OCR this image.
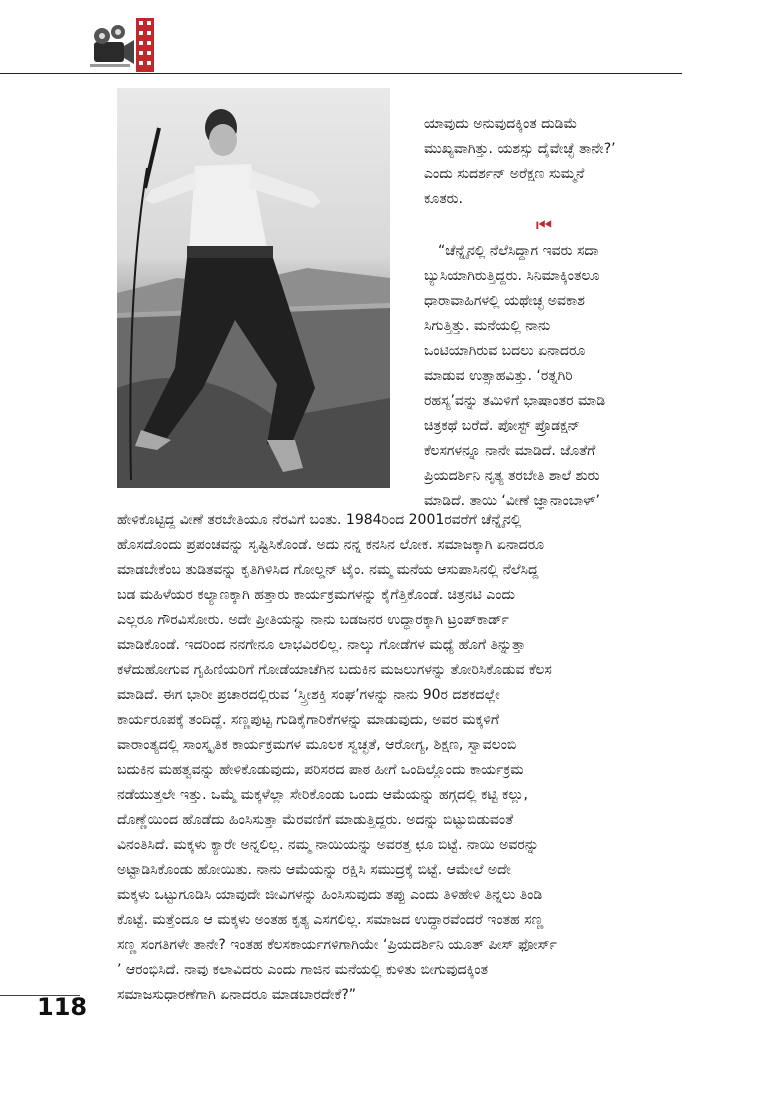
ಯಾವುದು ಅನುವುದಕ್ಕಿಂತ ದುಡಿಮೆ
ಮುಖ್ಯವಾಗಿತ್ತು. ಯಶಸ್ಸು ದೈವೇಚ್ಛೆ ತಾನೇ?’
ಎಂದು ಸುದರ್ಶನ್ ಅರೆಕ್ಷಣ ಸುಮ್ಮನೆ
ಕೂತರು.
⏮
“ಚೆನ್ನೈನಲ್ಲಿ ನೆಲೆಸಿದ್ದಾಗ ಇವರು ಸದಾ
ಬ್ಯುಸಿಯಾಗಿರುತ್ತಿದ್ದರು. ಸಿನಿಮಾಕ್ಕಿಂತಲೂ
ಧಾರಾವಾಹಿಗಳಲ್ಲಿ ಯಥೇಚ್ಛ ಅವಕಾಶ
ಸಿಗುತ್ತಿತ್ತು. ಮನೆಯಲ್ಲಿ ನಾನು
ಒಂಟಿಯಾಗಿರುವ ಬದಲು ಏನಾದರೂ
ಮಾಡುವ ಉತ್ಸಾಹವಿತ್ತು. ‘ರತ್ನಗಿರಿ
ರಹಸ್ಯ’ವನ್ನು ತಮಿಳಿಗೆ ಭಾಷಾಂತರ ಮಾಡಿ
ಚಿತ್ರಕಥೆ ಬರೆದೆ. ಪೋಸ್ಟ್ ಪ್ರೊಡಕ್ಷನ್
ಕೆಲಸಗಳನ್ನೂ ನಾನೇ ಮಾಡಿದೆ. ಜೊತೆಗೆ
ಪ್ರಿಯದರ್ಶಿನಿ ನೃತ್ಯ ತರಬೇತಿ ಶಾಲೆ ಶುರು
ಮಾಡಿದೆ. ತಾಯಿ ‘ವೀಣೆ ಜ್ಞಾನಾಂಬಾಳ್’
ಹೇಳಿಕೊಟ್ಟಿದ್ದ ವೀಣೆ ತರಬೇತಿಯೂ ನೆರವಿಗೆ ಬಂತು. 1984ರಿಂದ 2001ರವರೆಗೆ ಚೆನ್ನೈನಲ್ಲಿ
ಹೊಸದೊಂದು ಪ್ರಪಂಚವನ್ನು ಸೃಷ್ಟಿಸಿಕೊಂಡೆ. ಅದು ನನ್ನ ಕನಸಿನ ಲೋಕ. ಸಮಾಜಕ್ಕಾಗಿ ಏನಾದರೂ
ಮಾಡಬೇಕೆಂಬ ತುಡಿತವನ್ನು ಕೃತಿಗಿಳಿಸಿದ ಗೋಲ್ಡನ್ ಟೈಂ. ನಮ್ಮ ಮನೆಯ ಆಸುಪಾಸಿನಲ್ಲಿ ನೆಲೆಸಿದ್ದ
ಬಡ ಮಹಿಳೆಯರ ಕಲ್ಯಾಣಕ್ಕಾಗಿ ಹತ್ತಾರು ಕಾರ್ಯಕ್ರಮಗಳನ್ನು ಕೈಗೆತ್ತಿಕೊಂಡೆ. ಚಿತ್ರನಟಿ ಎಂದು
ಎಲ್ಲರೂ ಗೌರವಿಸೋರು. ಅದೇ ಪ್ರೀತಿಯನ್ನು ನಾನು ಬಡಜನರ ಉದ್ಧಾರಕ್ಕಾಗಿ ಟ್ರಂಪ್‌ಕಾರ್ಡ್
ಮಾಡಿಕೊಂಡೆ. ಇದರಿಂದ ನನಗೇನೂ ಲಾಭವಿರಲಿಲ್ಲ. ನಾಲ್ಕು ಗೋಡೆಗಳ ಮಧ್ಯೆ ಹೊಗೆ ತಿನ್ನುತ್ತಾ
ಕಳೆದುಹೋಗುವ ಗೃಹಿಣಿಯರಿಗೆ ಗೋಡೆಯಾಚೆಗಿನ ಬದುಕಿನ ಮಜಲುಗಳನ್ನು ತೋರಿಸಿಕೊಡುವ ಕೆಲಸ
ಮಾಡಿದೆ. ಈಗ ಭಾರೀ ಪ್ರಚಾರದಲ್ಲಿರುವ ‘ಸ್ತ್ರೀಶಕ್ತಿ ಸಂಘ’ಗಳನ್ನು ನಾನು 90ರ ದಶಕದಲ್ಲೇ
ಕಾರ್ಯರೂಪಕ್ಕೆ ತಂದಿದ್ದೆ. ಸಣ್ಣಪುಟ್ಟ ಗುಡಿಕೈಗಾರಿಕೆಗಳನ್ನು ಮಾಡುವುದು, ಅವರ ಮಕ್ಕಳಿಗೆ
ವಾರಾಂತ್ಯದಲ್ಲಿ ಸಾಂಸ್ಕೃತಿಕ ಕಾರ್ಯಕ್ರಮಗಳ ಮೂಲಕ ಸ್ವಚ್ಛತೆ, ಆರೋಗ್ಯ, ಶಿಕ್ಷಣ, ಸ್ವಾವಲಂಬಿ
ಬದುಕಿನ ಮಹತ್ವವನ್ನು ಹೇಳಿಕೊಡುವುದು, ಪರಿಸರದ ಪಾಠ ಹೀಗೆ ಒಂದಿಲ್ಲೊಂದು ಕಾರ್ಯಕ್ರಮ
ನಡೆಯುತ್ತಲೇ ಇತ್ತು. ಒಮ್ಮೆ ಮಕ್ಕಳೆಲ್ಲಾ ಸೇರಿಕೊಂಡು ಒಂದು ಆಮೆಯನ್ನು ಹಗ್ಗದಲ್ಲಿ ಕಟ್ಟಿ ಕಲ್ಲು,
ದೊಣ್ಣೆಯಿಂದ ಹೊಡೆದು ಹಿಂಸಿಸುತ್ತಾ ಮೆರವಣಿಗೆ ಮಾಡುತ್ತಿದ್ದರು. ಅದನ್ನು ಬಿಟ್ಟುಬಿಡುವಂತೆ
ವಿನಂತಿಸಿದೆ. ಮಕ್ಕಳು ಕ್ಯಾರೇ ಅನ್ನಲಿಲ್ಲ. ನಮ್ಮ ನಾಯಿಯನ್ನು ಅವರತ್ತ ಛೂ ಬಿಟ್ಟೆ. ನಾಯಿ ಅವರನ್ನು
ಅಟ್ಟಾಡಿಸಿಕೊಂಡು ಹೋಯಿತು. ನಾನು ಆಮೆಯನ್ನು ರಕ್ಷಿಸಿ ಸಮುದ್ರಕ್ಕೆ ಬಿಟ್ಟೆ. ಆಮೇಲೆ ಅದೇ
ಮಕ್ಕಳು ಒಟ್ಟುಗೂಡಿಸಿ ಯಾವುದೇ ಜೀವಿಗಳನ್ನು ಹಿಂಸಿಸುವುದು ತಪ್ಪು ಎಂದು ತಿಳಿಹೇಳಿ ತಿನ್ನಲು ತಿಂಡಿ
ಕೊಟ್ಟೆ. ಮತ್ತೆಂದೂ ಆ ಮಕ್ಕಳು ಅಂತಹ ಕೃತ್ಯ ಎಸಗಲಿಲ್ಲ. ಸಮಾಜದ ಉದ್ಧಾರವೆಂದರೆ ಇಂತಹ ಸಣ್ಣ
ಸಣ್ಣ ಸಂಗತಿಗಳೇ ತಾನೇ? ಇಂತಹ ಕೆಲಸಕಾರ್ಯಗಳಿಗಾಗಿಯೇ ‘ಪ್ರಿಯದರ್ಶಿನಿ ಯೂತ್ ಪೀಸ್ ಫೋರ್ಸ್
’ ಆರಂಭಿಸಿದೆ. ನಾವು ಕಲಾವಿದರು ಎಂದು ಗಾಜಿನ ಮನೆಯಲ್ಲಿ ಕುಳಿತು ಬೀಗುವುದಕ್ಕಿಂತ
ಸಮಾಜಸುಧಾರಣೆಗಾಗಿ ಏನಾದರೂ ಮಾಡಬಾರದೇಕೆ?”
118
